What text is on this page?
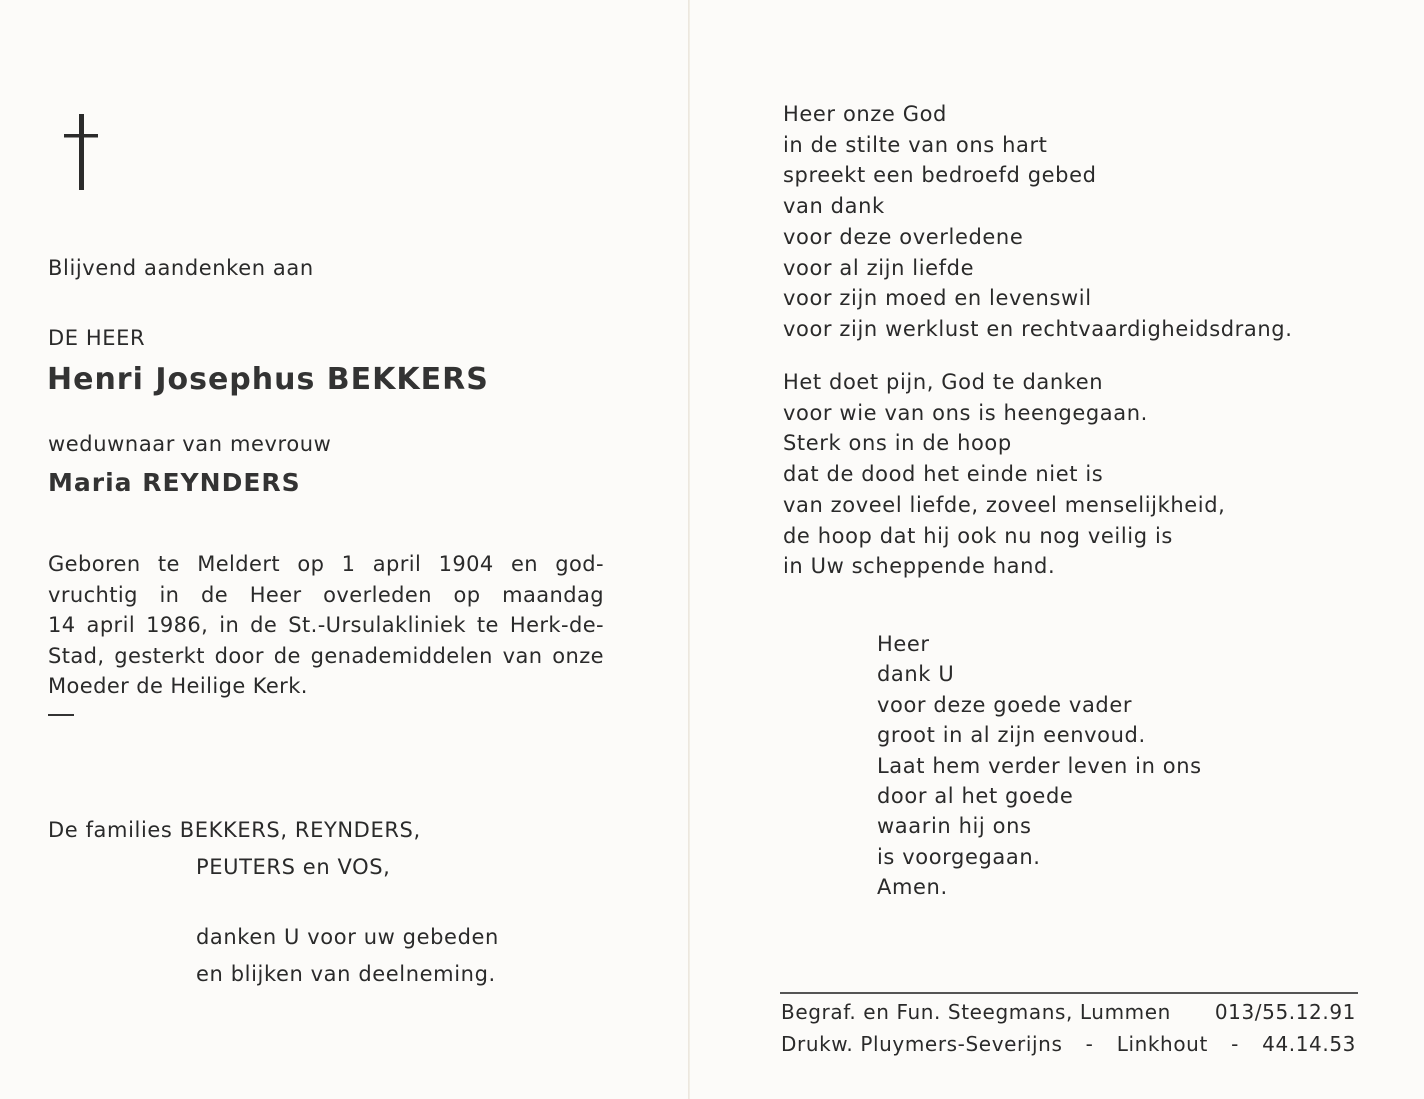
Blijvend aandenken aan
DE HEER
Henri Josephus BEKKERS
weduwnaar van mevrouw
Maria REYNDERS
Geboren te Meldert op 1 april 1904 en god-
vruchtig in de Heer overleden op maandag
14 april 1986, in de St.-Ursulakliniek te Herk-de-
Stad, gesterkt door de genademiddelen van onze
Moeder de Heilige Kerk.
De families BEKKERS, REYNDERS,
PEUTERS en VOS,
danken U voor uw gebeden
en blijken van deelneming.
Heer onze God
in de stilte van ons hart
spreekt een bedroefd gebed
van dank
voor deze overledene
voor al zijn liefde
voor zijn moed en levenswil
voor zijn werklust en rechtvaardigheidsdrang.
Het doet pijn, God te danken
voor wie van ons is heengegaan.
Sterk ons in de hoop
dat de dood het einde niet is
van zoveel liefde, zoveel menselijkheid,
de hoop dat hij ook nu nog veilig is
in Uw scheppende hand.
Heer
dank U
voor deze goede vader
groot in al zijn eenvoud.
Laat hem verder leven in ons
door al het goede
waarin hij ons
is voorgegaan.
Amen.
Begraf. en Fun. Steegmans, Lummen 013/55.12.91
Drukw. Pluymers-Severijns - Linkhout - 44.14.53
